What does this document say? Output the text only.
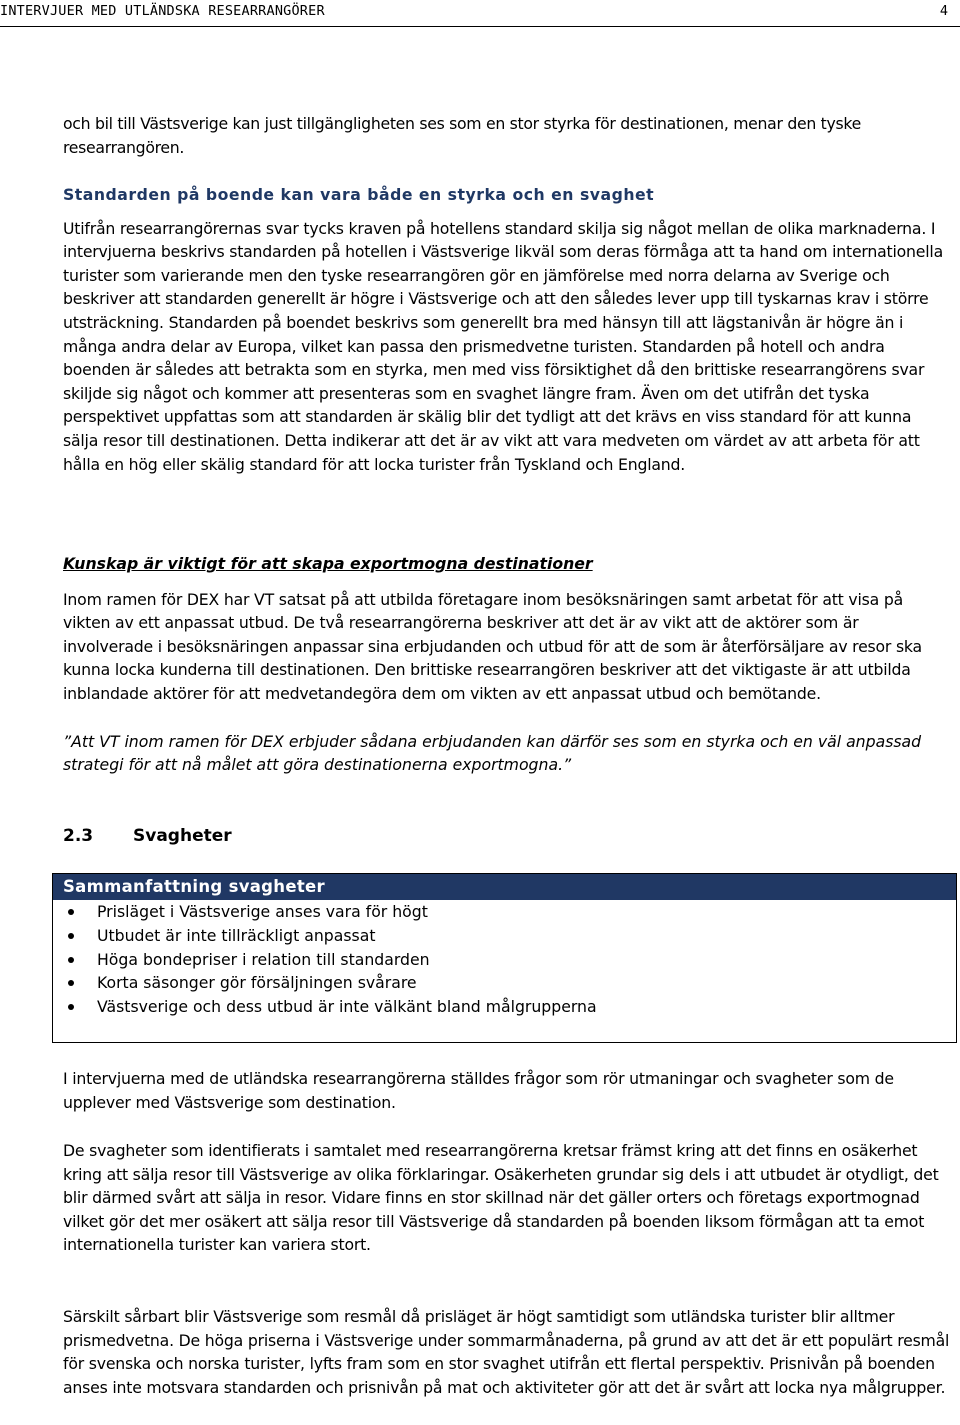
INTERVJUER MED UTLÄNDSKA RESEARRANGÖRER	4

och bil till Västsverige kan just tillgängligheten ses som en stor styrka för destinationen, menar den tyske researrangören.

Standarden på boende kan vara både en styrka och en svaghet

Utifrån researrangörernas svar tycks kraven på hotellens standard skilja sig något mellan de olika marknaderna. I intervjuerna beskrivs standarden på hotellen i Västsverige likväl som deras förmåga att ta hand om internationella turister som varierande men den tyske researrangören gör en jämförelse med norra delarna av Sverige och beskriver att standarden generellt är högre i Västsverige och att den således lever upp till tyskarnas krav i större utsträckning. Standarden på boendet beskrivs som generellt bra med hänsyn till att lägstanivån är högre än i många andra delar av Europa, vilket kan passa den prismedvetne turisten. Standarden på hotell och andra boenden är således att betrakta som en styrka, men med viss försiktighet då den brittiske researrangörens svar skiljde sig något och kommer att presenteras som en svaghet längre fram. Även om det utifrån det tyska perspektivet uppfattas som att standarden är skälig blir det tydligt att det krävs en viss standard för att kunna sälja resor till destinationen. Detta indikerar att det är av vikt att vara medveten om värdet av att arbeta för att hålla en hög eller skälig standard för att locka turister från Tyskland och England.

Kunskap är viktigt för att skapa exportmogna destinationer

Inom ramen för DEX har VT satsat på att utbilda företagare inom besöksnäringen samt arbetat för att visa på vikten av ett anpassat utbud. De två researrangörerna beskriver att det är av vikt att de aktörer som är involverade i besöksnäringen anpassar sina erbjudanden och utbud för att de som är återförsäljare av resor ska kunna locka kunderna till destinationen. Den brittiske researrangören beskriver att det viktigaste är att utbilda inblandade aktörer för att medvetandegöra dem om vikten av ett anpassat utbud och bemötande.

”Att VT inom ramen för DEX erbjuder sådana erbjudanden kan därför ses som en styrka och en väl anpassad strategi för att nå målet att göra destinationerna exportmogna.”

2.3 Svagheter
Sammanfattning svagheter
Prisläget i Västsverige anses vara för högt
Utbudet är inte tillräckligt anpassat
Höga bondepriser i relation till standarden
Korta säsonger gör försäljningen svårare
Västsverige och dess utbud är inte välkänt bland målgrupperna

I intervjuerna med de utländska researrangörerna ställdes frågor som rör utmaningar och svagheter som de upplever med Västsverige som destination.

De svagheter som identifierats i samtalet med researrangörerna kretsar främst kring att det finns en osäkerhet kring att sälja resor till Västsverige av olika förklaringar. Osäkerheten grundar sig dels i att utbudet är otydligt, det blir därmed svårt att sälja in resor. Vidare finns en stor skillnad när det gäller orters och företags exportmognad vilket gör det mer osäkert att sälja resor till Västsverige då standarden på boenden liksom förmågan att ta emot internationella turister kan variera stort.

Särskilt sårbart blir Västsverige som resmål då prisläget är högt samtidigt som utländska turister blir alltmer prismedvetna. De höga priserna i Västsverige under sommarmånaderna, på grund av att det är ett populärt resmål för svenska och norska turister, lyfts fram som en stor svaghet utifrån ett flertal perspektiv. Prisnivån på boenden anses inte motsvara standarden och prisnivån på mat och aktiviteter gör att det är svårt att locka nya målgrupper.
